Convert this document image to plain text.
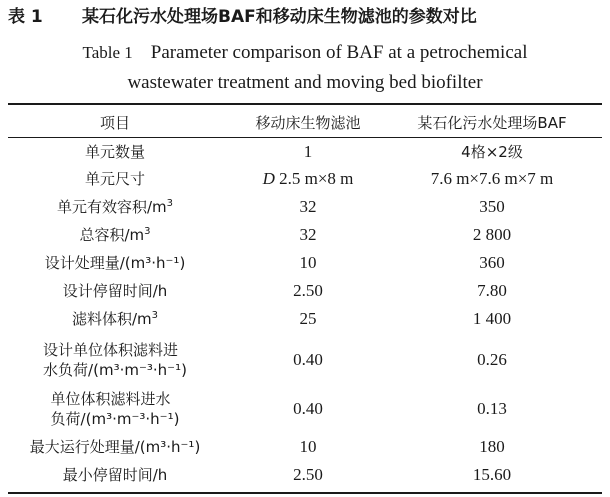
表 1 某石化污水处理场BAF和移动床生物滤池的参数对比
Table 1 Parameter comparison of BAF at a petrochemical
wastewater treatment and moving bed biofilter
项目	移动床生物滤池	某石化污水处理场BAF
单元数量	1	4格×2级
单元尺寸	D 2.5 m×8 m	7.6 m×7.6 m×7 m
单元有效容积$/m^3$	32	350
总容积$/m^3$	32	2 800
设计处理量/(m³·h⁻¹)	10	360
设计停留时间/h	2.50	7.80
滤料体积$/m^3$	25	1 400
设计单位体积滤料进
水负荷/(m³·m⁻³·h⁻¹)
0.40	0.26
单位体积滤料进水
负荷/(m³·m⁻³·h⁻¹)
0.40	0.13
最大运行处理量/(m³·h⁻¹)	10	180
最小停留时间/h	2.50	15.60
